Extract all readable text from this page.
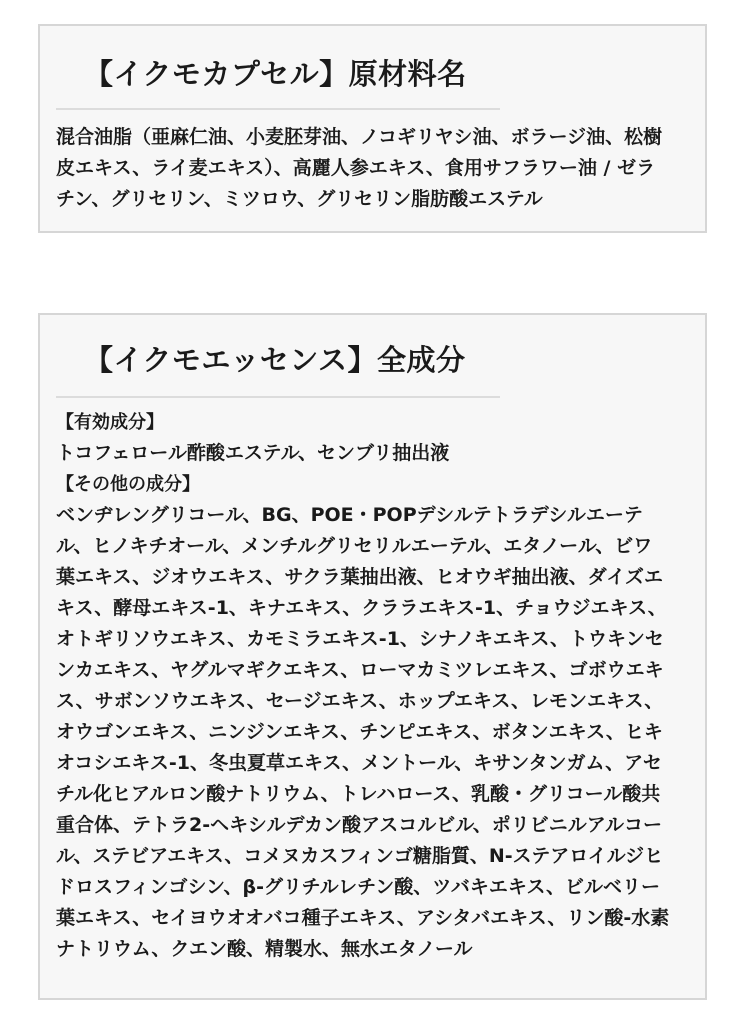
【イクモカプセル】原材料名
混合油脂（亜麻仁油、小麦胚芽油、ノコギリヤシ油、ボラージ油、松樹
皮エキス、ライ麦エキス）、高麗人参エキス、食用サフラワー油 / ゼラ
チン、グリセリン、ミツロウ、グリセリン脂肪酸エステル
【イクモエッセンス】全成分
【有効成分】
トコフェロール酢酸エステル、センブリ抽出液
【その他の成分】
ベンヂレングリコール、BG、POE・POPデシルテトラデシルエーテ
ル、ヒノキチオール、メンチルグリセリルエーテル、エタノール、ビワ
葉エキス、ジオウエキス、サクラ葉抽出液、ヒオウギ抽出液、ダイズエ
キス、酵母エキス-1、キナエキス、クララエキス-1、チョウジエキス、
オトギリソウエキス、カモミラエキス-1、シナノキエキス、トウキンセ
ンカエキス、ヤグルマギクエキス、ローマカミツレエキス、ゴボウエキ
ス、サボンソウエキス、セージエキス、ホップエキス、レモンエキス、
オウゴンエキス、ニンジンエキス、チンピエキス、ボタンエキス、ヒキ
オコシエキス-1、冬虫夏草エキス、メントール、キサンタンガム、アセ
チル化ヒアルロン酸ナトリウム、トレハロース、乳酸・グリコール酸共
重合体、テトラ2-ヘキシルデカン酸アスコルビル、ポリビニルアルコー
ル、ステビアエキス、コメヌカスフィンゴ糖脂質、N-ステアロイルジヒ
ドロスフィンゴシン、β-グリチルレチン酸、ツバキエキス、ビルベリー
葉エキス、セイヨウオオバコ種子エキス、アシタバエキス、リン酸-水素
ナトリウム、クエン酸、精製水、無水エタノール
